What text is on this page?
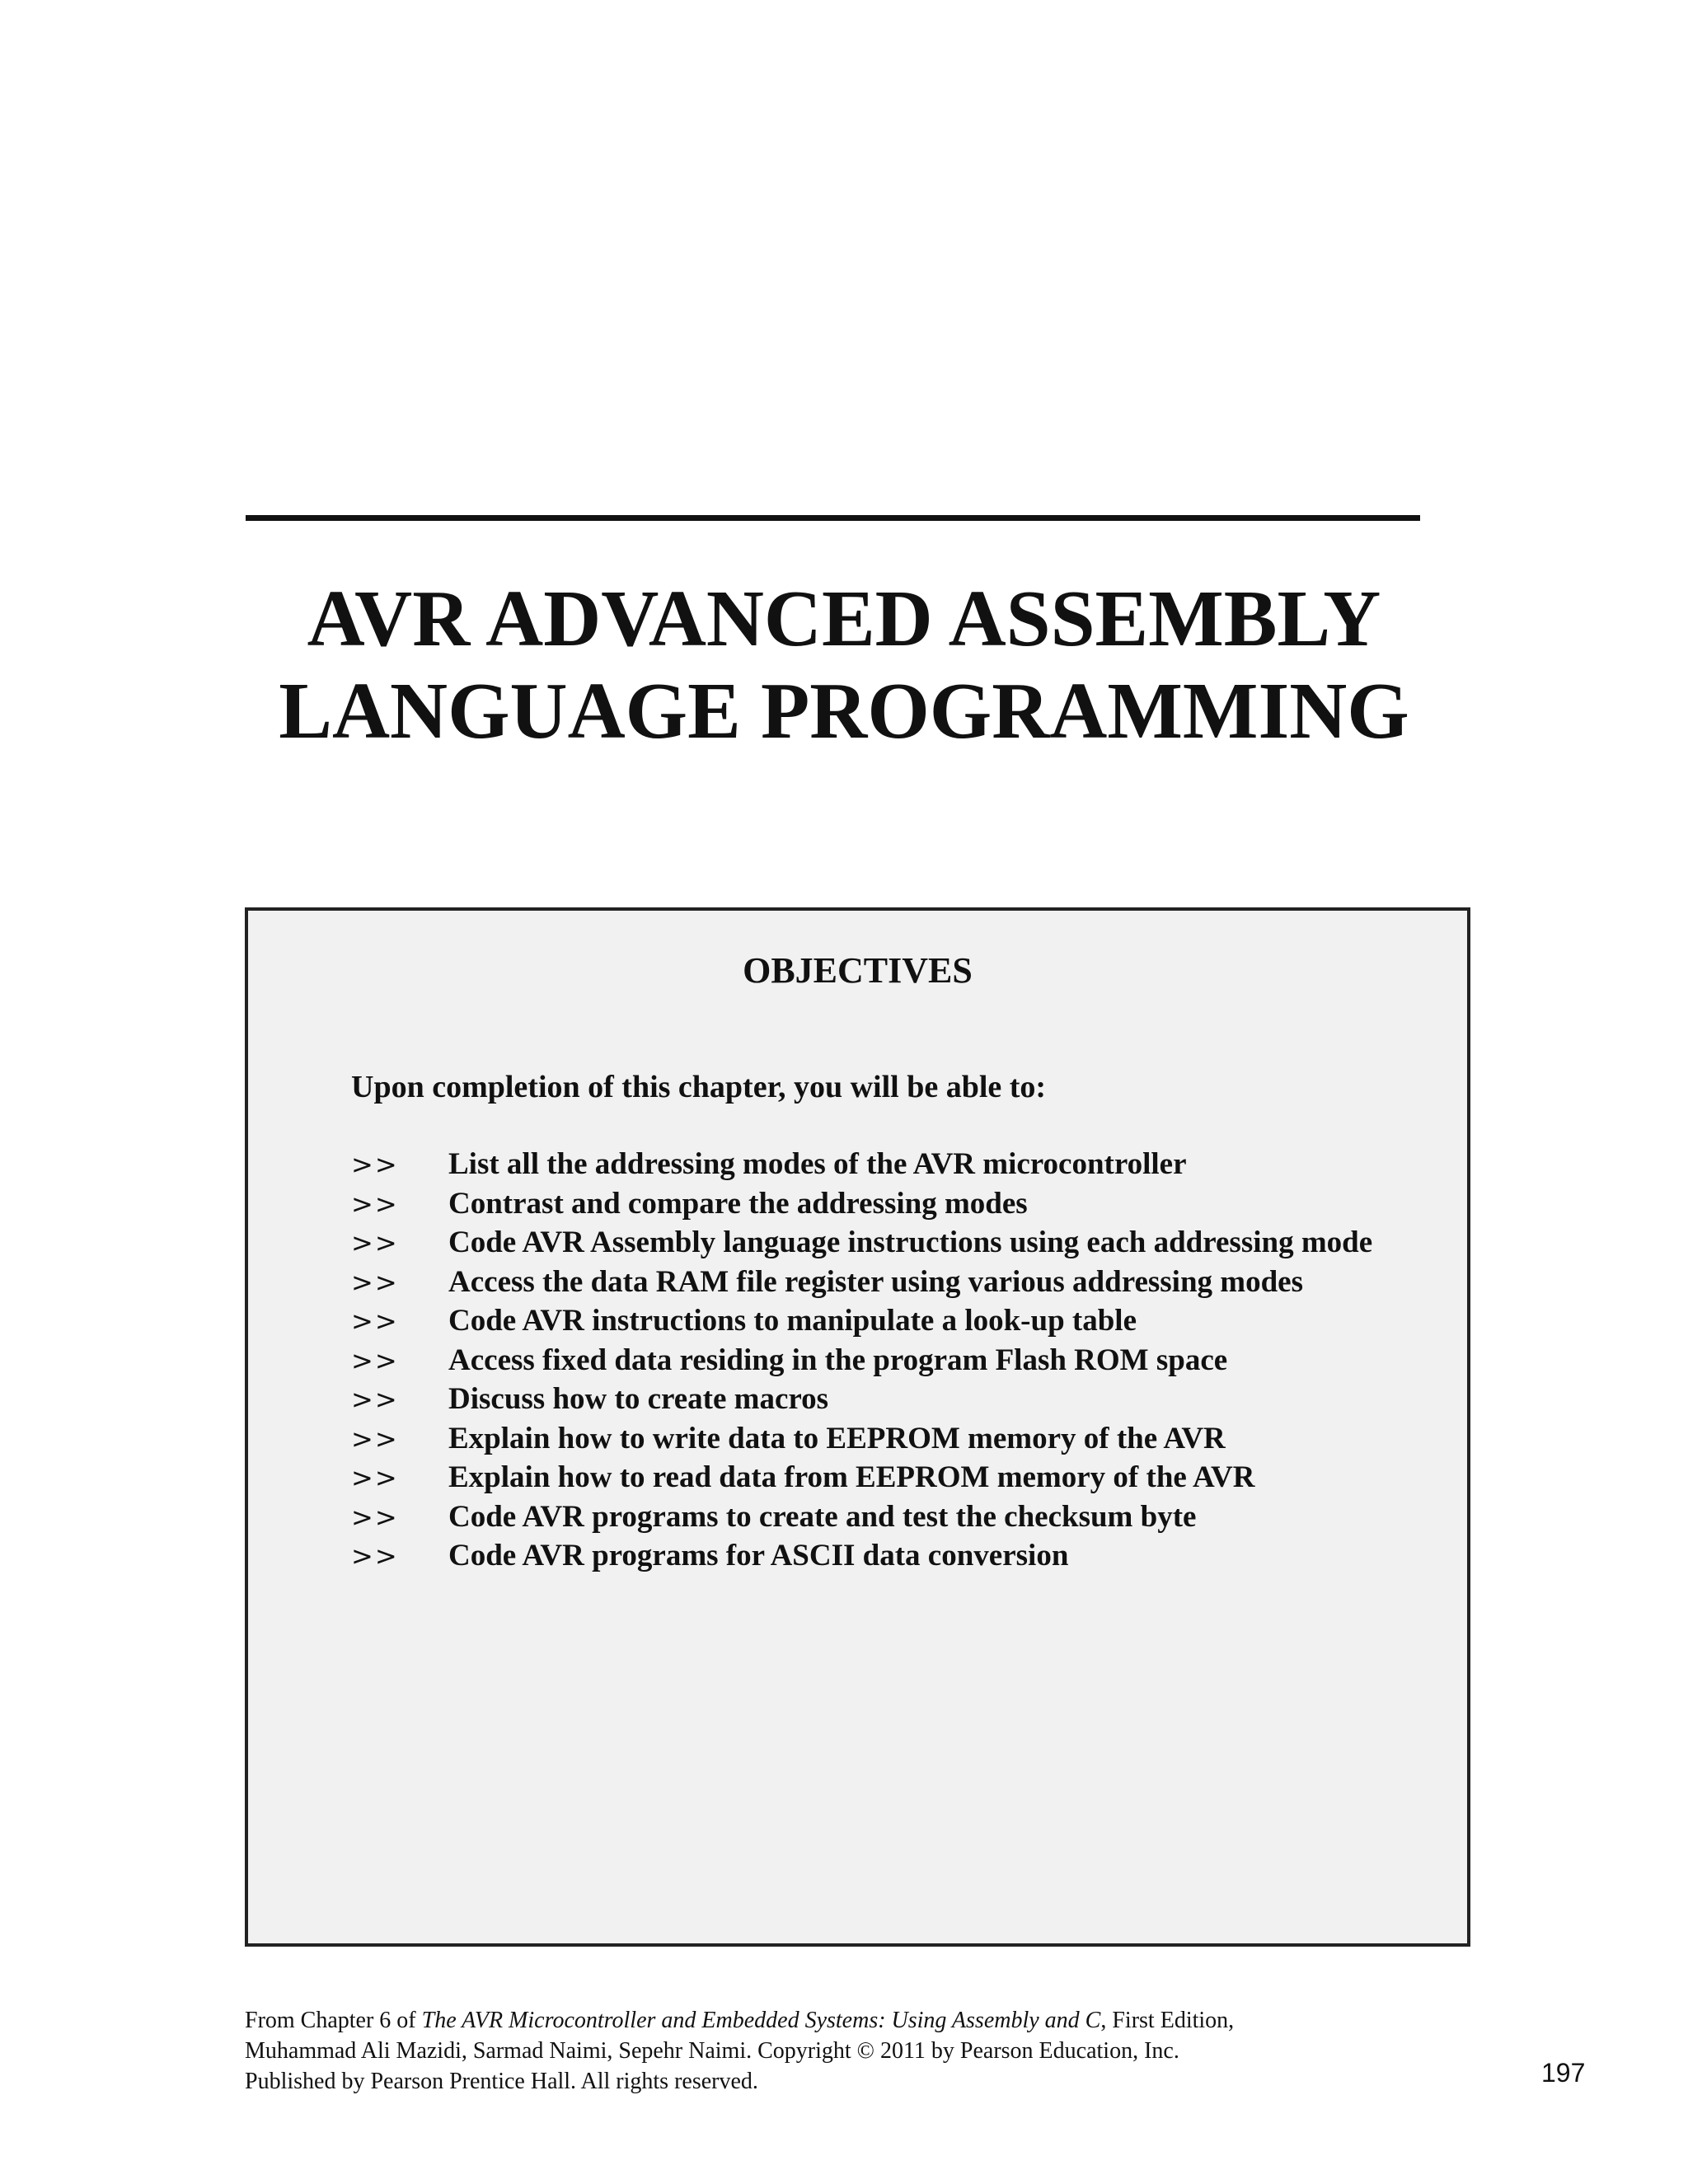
AVR ADVANCED ASSEMBLY
LANGUAGE PROGRAMMING
OBJECTIVES
Upon completion of this chapter, you will be able to:
>> List all the addressing modes of the AVR microcontroller
>> Contrast and compare the addressing modes
>> Code AVR Assembly language instructions using each addressing mode
>> Access the data RAM file register using various addressing modes
>> Code AVR instructions to manipulate a look-up table
>> Access fixed data residing in the program Flash ROM space
>> Discuss how to create macros
>> Explain how to write data to EEPROM memory of the AVR
>> Explain how to read data from EEPROM memory of the AVR
>> Code AVR programs to create and test the checksum byte
>> Code AVR programs for ASCII data conversion
From Chapter 6 of The AVR Microcontroller and Embedded Systems: Using Assembly and C, First Edition,
Muhammad Ali Mazidi, Sarmad Naimi, Sepehr Naimi. Copyright © 2011 by Pearson Education, Inc.
Published by Pearson Prentice Hall. All rights reserved.	197
